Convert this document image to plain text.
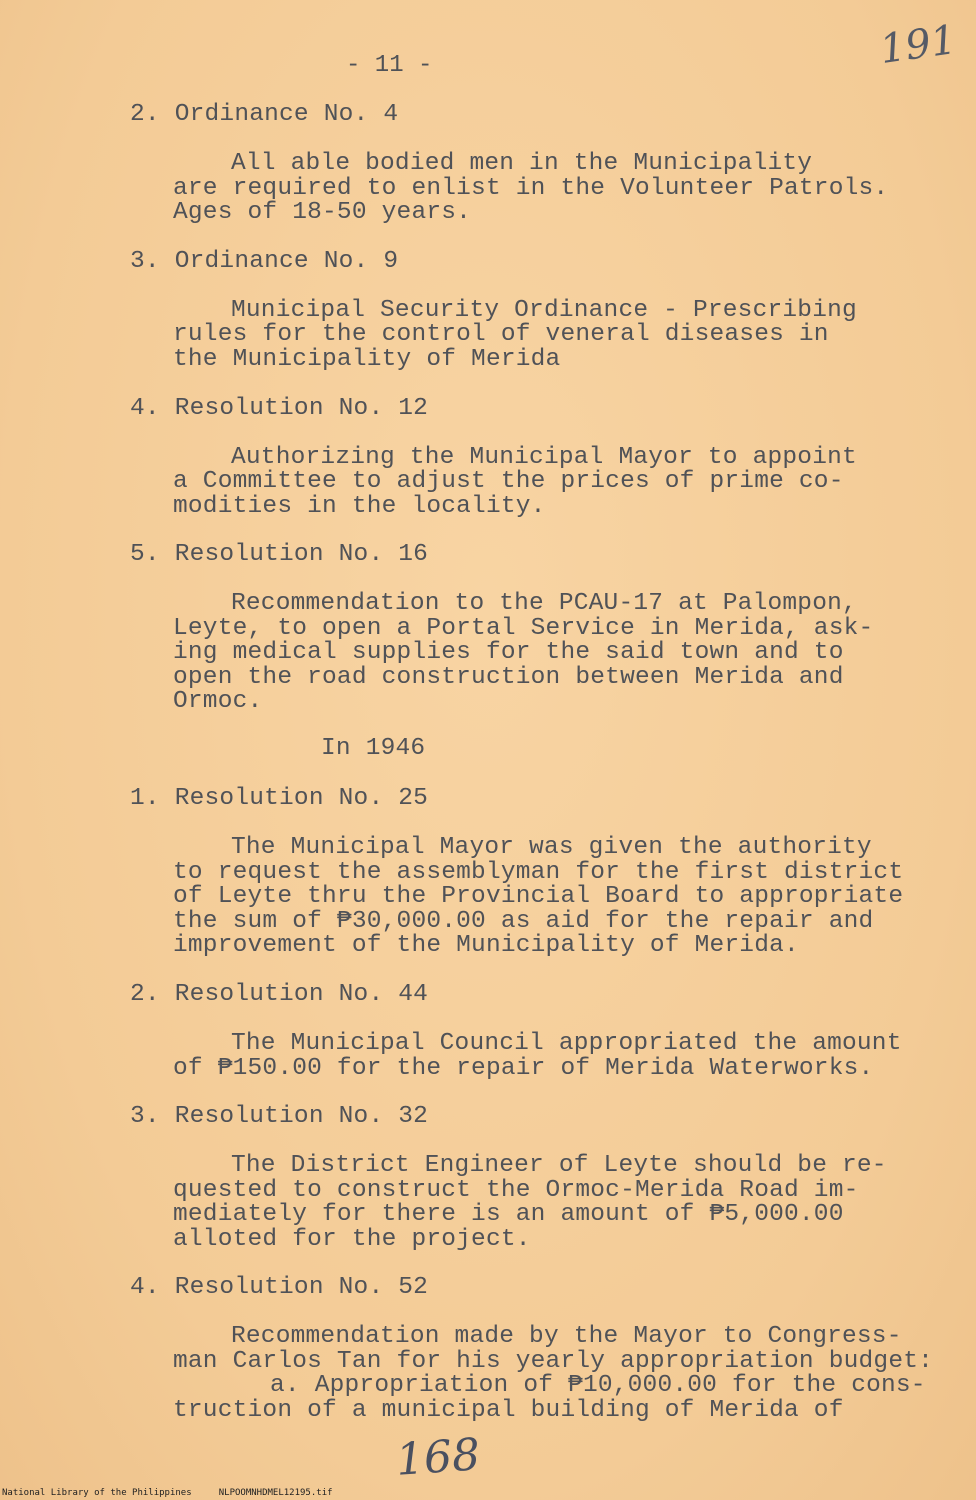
- 11 -	191
2. Ordinance No. 4
All able bodied men in the Municipality
are required to enlist in the Volunteer Patrols.
Ages of 18-50 years.
3. Ordinance No. 9
Municipal Security Ordinance - Prescribing
rules for the control of veneral diseases in
the Municipality of Merida
4. Resolution No. 12
Authorizing the Municipal Mayor to appoint
a Committee to adjust the prices of prime co-
modities in the locality.
5. Resolution No. 16
Recommendation to the PCAU-17 at Palompon,
Leyte, to open a Portal Service in Merida, ask-
ing medical supplies for the said town and to
open the road construction between Merida and
Ormoc.
In 1946
1. Resolution No. 25
The Municipal Mayor was given the authority
to request the assemblyman for the first district
of Leyte thru the Provincial Board to appropriate
the sum of ₱30,000.00 as aid for the repair and
improvement of the Municipality of Merida.
2. Resolution No. 44
The Municipal Council appropriated the amount
of ₱150.00 for the repair of Merida Waterworks.
3. Resolution No. 32
The District Engineer of Leyte should be re-
quested to construct the Ormoc-Merida Road im-
mediately for there is an amount of ₱5,000.00
alloted for the project.
4. Resolution No. 52
Recommendation made by the Mayor to Congress-
man Carlos Tan for his yearly appropriation budget:
a. Appropriation of ₱10,000.00 for the cons-
truction of a municipal building of Merida of
168
National Library of the Philippines     NLPOOMNHDMEL12195.tif
